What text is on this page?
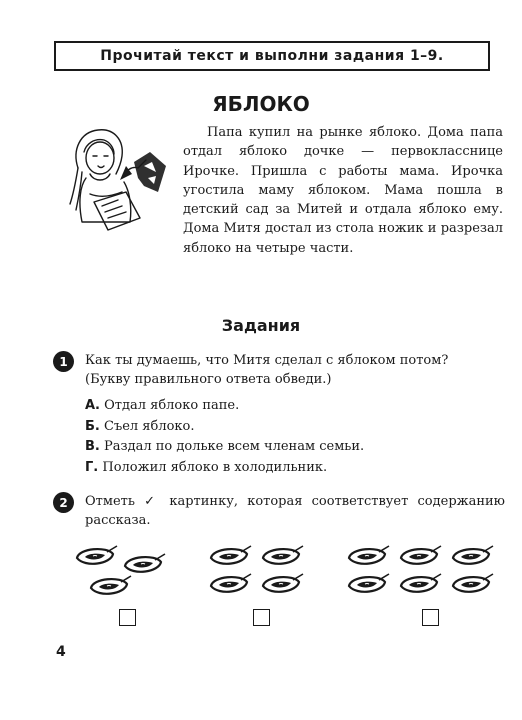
Прочитай текст и выполни задания 1–9.
ЯБЛОКО

Папа купил на рынке яблоко. Дома папа отдал яблоко дочке — первокласснице Ирочке. Пришла с работы мама. Ирочка угостила маму яблоком. Мама пошла в детский сад за Митей и отдала яблоко ему. Дома Митя достал из стола ножик и разрезал яблоко на четыре части.

Задания
1	Как ты думаешь, что Митя сделал с яблоком потом?
(Букву правильного ответа обведи.)
А. Отдал яблоко папе.
Б. Съел яблоко.
В. Раздал по дольке всем членам семьи.
Г. Положил яблоко в холодильник.
2	Отметь ✓ картинку, которая соответствует содержанию рассказа.
4
